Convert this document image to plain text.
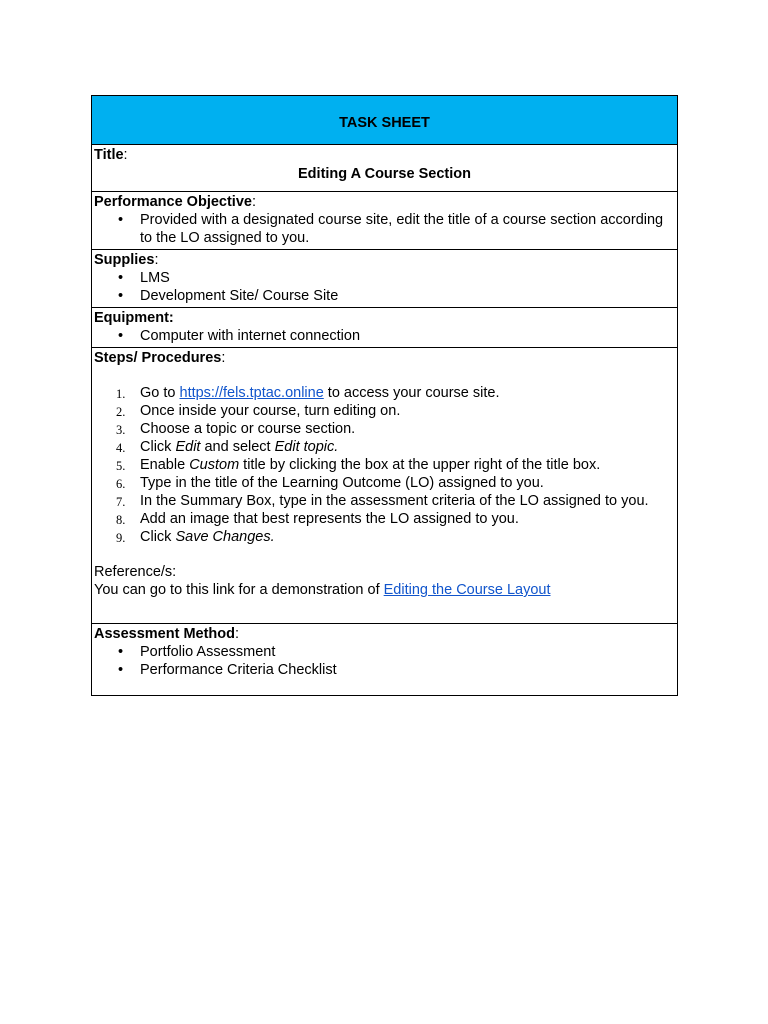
TASK SHEET

Title:
Editing A Course Section

Performance Objective:
• Provided with a designated course site, edit the title of a course section according to the LO assigned to you.

Supplies:
• LMS
• Development Site/ Course Site

Equipment:
• Computer with internet connection

Steps/ Procedures:
1. Go to https://fels.tptac.online to access your course site.
2. Once inside your course, turn editing on.
3. Choose a topic or course section.
4. Click Edit and select Edit topic.
5. Enable Custom title by clicking the box at the upper right of the title box.
6. Type in the title of the Learning Outcome (LO) assigned to you.
7. In the Summary Box, type in the assessment criteria of the LO assigned to you.
8. Add an image that best represents the LO assigned to you.
9. Click Save Changes.
Reference/s:
You can go to this link for a demonstration of Editing the Course Layout

Assessment Method:
• Portfolio Assessment
• Performance Criteria Checklist
